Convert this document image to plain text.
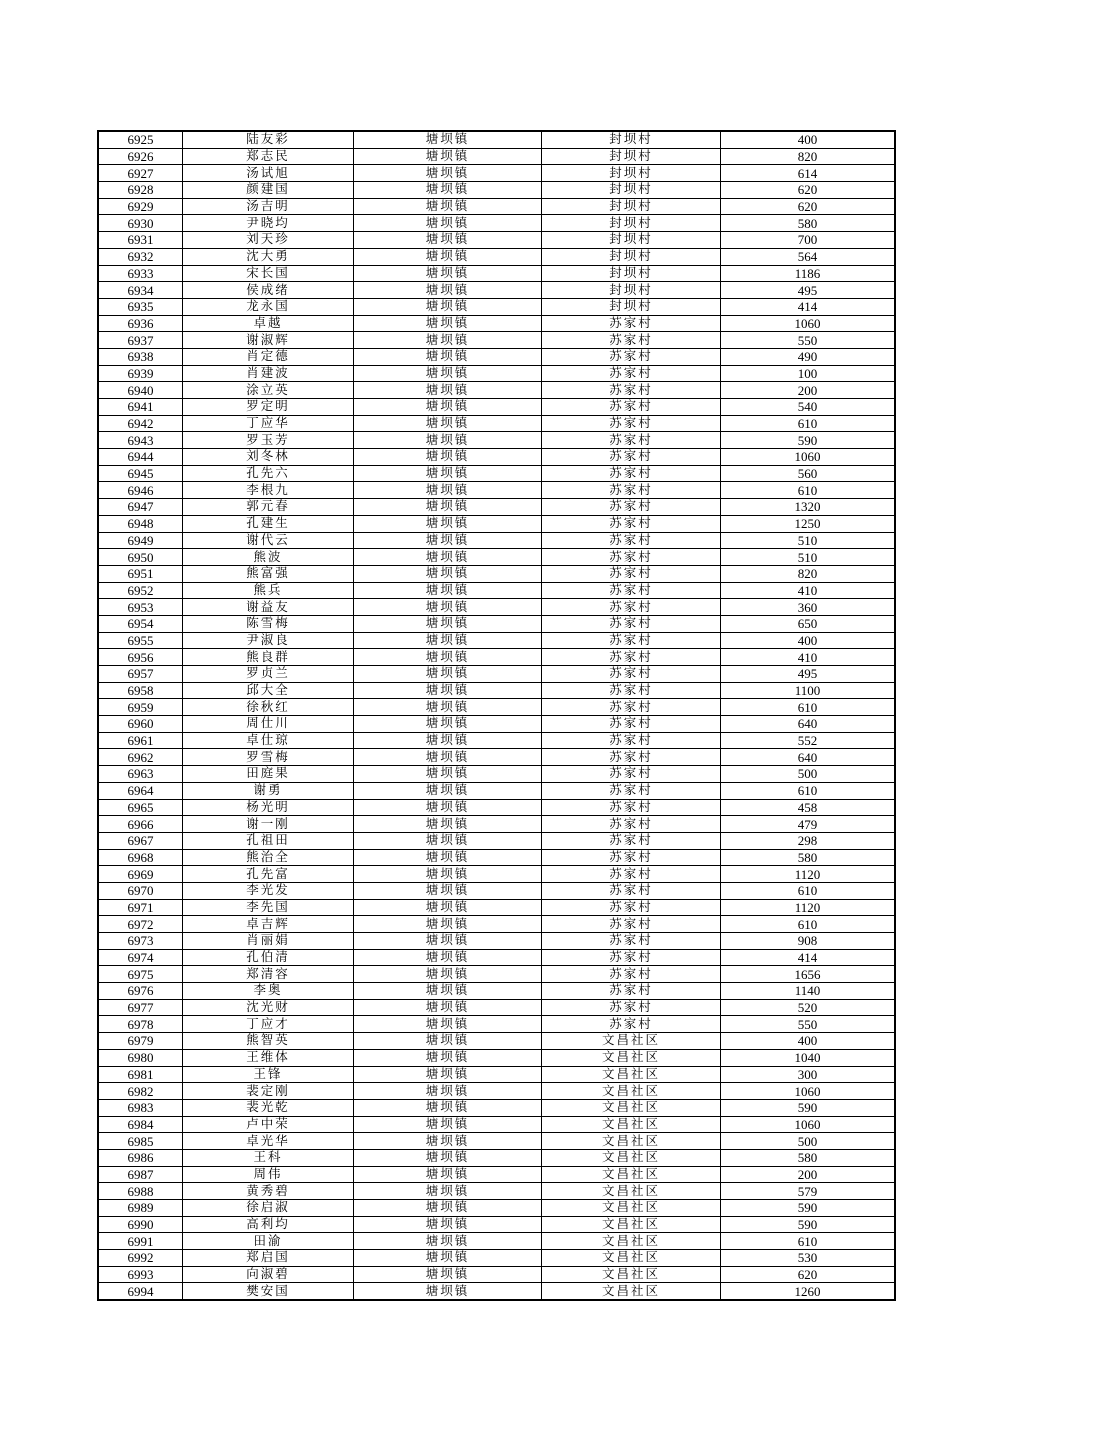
6925	陆友彩	塘坝镇	封坝村	400
6926	郑志民	塘坝镇	封坝村	820
6927	汤试旭	塘坝镇	封坝村	614
6928	颜建国	塘坝镇	封坝村	620
6929	汤吉明	塘坝镇	封坝村	620
6930	尹晓均	塘坝镇	封坝村	580
6931	刘天珍	塘坝镇	封坝村	700
6932	沈大勇	塘坝镇	封坝村	564
6933	宋长国	塘坝镇	封坝村	1186
6934	侯成绪	塘坝镇	封坝村	495
6935	龙永国	塘坝镇	封坝村	414
6936	卓越	塘坝镇	苏家村	1060
6937	谢淑辉	塘坝镇	苏家村	550
6938	肖定德	塘坝镇	苏家村	490
6939	肖建波	塘坝镇	苏家村	100
6940	涂立英	塘坝镇	苏家村	200
6941	罗定明	塘坝镇	苏家村	540
6942	丁应华	塘坝镇	苏家村	610
6943	罗玉芳	塘坝镇	苏家村	590
6944	刘冬林	塘坝镇	苏家村	1060
6945	孔先六	塘坝镇	苏家村	560
6946	李根九	塘坝镇	苏家村	610
6947	郭元春	塘坝镇	苏家村	1320
6948	孔建生	塘坝镇	苏家村	1250
6949	谢代云	塘坝镇	苏家村	510
6950	熊波	塘坝镇	苏家村	510
6951	熊富强	塘坝镇	苏家村	820
6952	熊兵	塘坝镇	苏家村	410
6953	谢益友	塘坝镇	苏家村	360
6954	陈雪梅	塘坝镇	苏家村	650
6955	尹淑良	塘坝镇	苏家村	400
6956	熊良群	塘坝镇	苏家村	410
6957	罗贞兰	塘坝镇	苏家村	495
6958	邱大全	塘坝镇	苏家村	1100
6959	徐秋红	塘坝镇	苏家村	610
6960	周仕川	塘坝镇	苏家村	640
6961	卓仕琼	塘坝镇	苏家村	552
6962	罗雪梅	塘坝镇	苏家村	640
6963	田庭果	塘坝镇	苏家村	500
6964	谢勇	塘坝镇	苏家村	610
6965	杨光明	塘坝镇	苏家村	458
6966	谢一刚	塘坝镇	苏家村	479
6967	孔祖田	塘坝镇	苏家村	298
6968	熊治全	塘坝镇	苏家村	580
6969	孔先富	塘坝镇	苏家村	1120
6970	李光发	塘坝镇	苏家村	610
6971	李先国	塘坝镇	苏家村	1120
6972	卓吉辉	塘坝镇	苏家村	610
6973	肖丽娟	塘坝镇	苏家村	908
6974	孔伯清	塘坝镇	苏家村	414
6975	郑清容	塘坝镇	苏家村	1656
6976	李奥	塘坝镇	苏家村	1140
6977	沈光财	塘坝镇	苏家村	520
6978	丁应才	塘坝镇	苏家村	550
6979	熊智英	塘坝镇	文昌社区	400
6980	王维体	塘坝镇	文昌社区	1040
6981	王锋	塘坝镇	文昌社区	300
6982	裴定刚	塘坝镇	文昌社区	1060
6983	裴光乾	塘坝镇	文昌社区	590
6984	卢中荣	塘坝镇	文昌社区	1060
6985	卓光华	塘坝镇	文昌社区	500
6986	王科	塘坝镇	文昌社区	580
6987	周伟	塘坝镇	文昌社区	200
6988	黄秀碧	塘坝镇	文昌社区	579
6989	徐启淑	塘坝镇	文昌社区	590
6990	高利均	塘坝镇	文昌社区	590
6991	田渝	塘坝镇	文昌社区	610
6992	郑启国	塘坝镇	文昌社区	530
6993	向淑碧	塘坝镇	文昌社区	620
6994	樊安国	塘坝镇	文昌社区	1260
